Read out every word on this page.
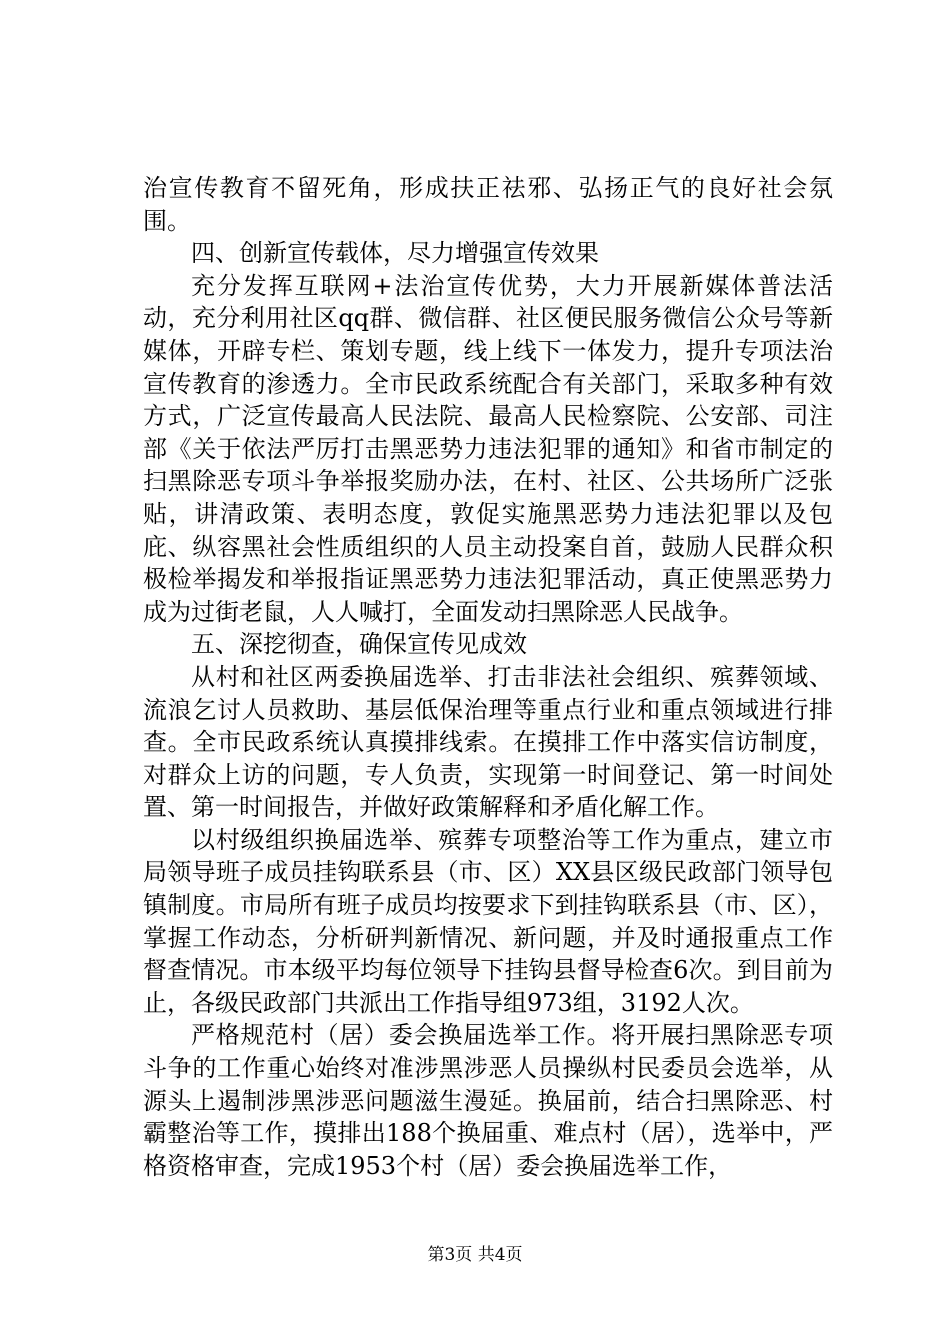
治宣传教育不留死角，形成扶正祛邪、弘扬正气的良好社会氛围。

四、创新宣传载体，尽力增强宣传效果

充分发挥互联网+法治宣传优势，大力开展新媒体普法活动，充分利用社区qq群、微信群、社区便民服务微信公众号等新媒体，开辟专栏、策划专题，线上线下一体发力，提升专项法治宣传教育的渗透力。全市民政系统配合有关部门，采取多种有效方式，广泛宣传最高人民法院、最高人民检察院、公安部、司注部《关于依法严厉打击黑恶势力违法犯罪的通知》和省市制定的扫黑除恶专项斗争举报奖励办法，在村、社区、公共场所广泛张贴，讲清政策、表明态度，敦促实施黑恶势力违法犯罪以及包庇、纵容黑社会性质组织的人员主动投案自首，鼓励人民群众积极检举揭发和举报指证黑恶势力违法犯罪活动，真正使黑恶势力成为过街老鼠，人人喊打，全面发动扫黑除恶人民战争。

五、深挖彻查，确保宣传见成效

从村和社区两委换届选举、打击非法社会组织、殡葬领域、流浪乞讨人员救助、基层低保治理等重点行业和重点领域进行排查。全市民政系统认真摸排线索。在摸排工作中落实信访制度，对群众上访的问题，专人负责，实现第一时间登记、第一时间处置、第一时间报告，并做好政策解释和矛盾化解工作。

以村级组织换届选举、殡葬专项整治等工作为重点，建立市局领导班子成员挂钩联系县（市、区）XX县区级民政部门领导包镇制度。市局所有班子成员均按要求下到挂钩联系县（市、区），掌握工作动态，分析研判新情况、新问题，并及时通报重点工作督查情况。市本级平均每位领导下挂钩县督导检查6次。到目前为止，各级民政部门共派出工作指导组973组，3192人次。

严格规范村（居）委会换届选举工作。将开展扫黑除恶专项斗争的工作重心始终对准涉黑涉恶人员操纵村民委员会选举，从源头上遏制涉黑涉恶问题滋生漫延。换届前，结合扫黑除恶、村霸整治等工作，摸排出188个换届重、难点村（居），选举中，严格资格审查，完成1953个村（居）委会换届选举工作，

第3页 共4页
